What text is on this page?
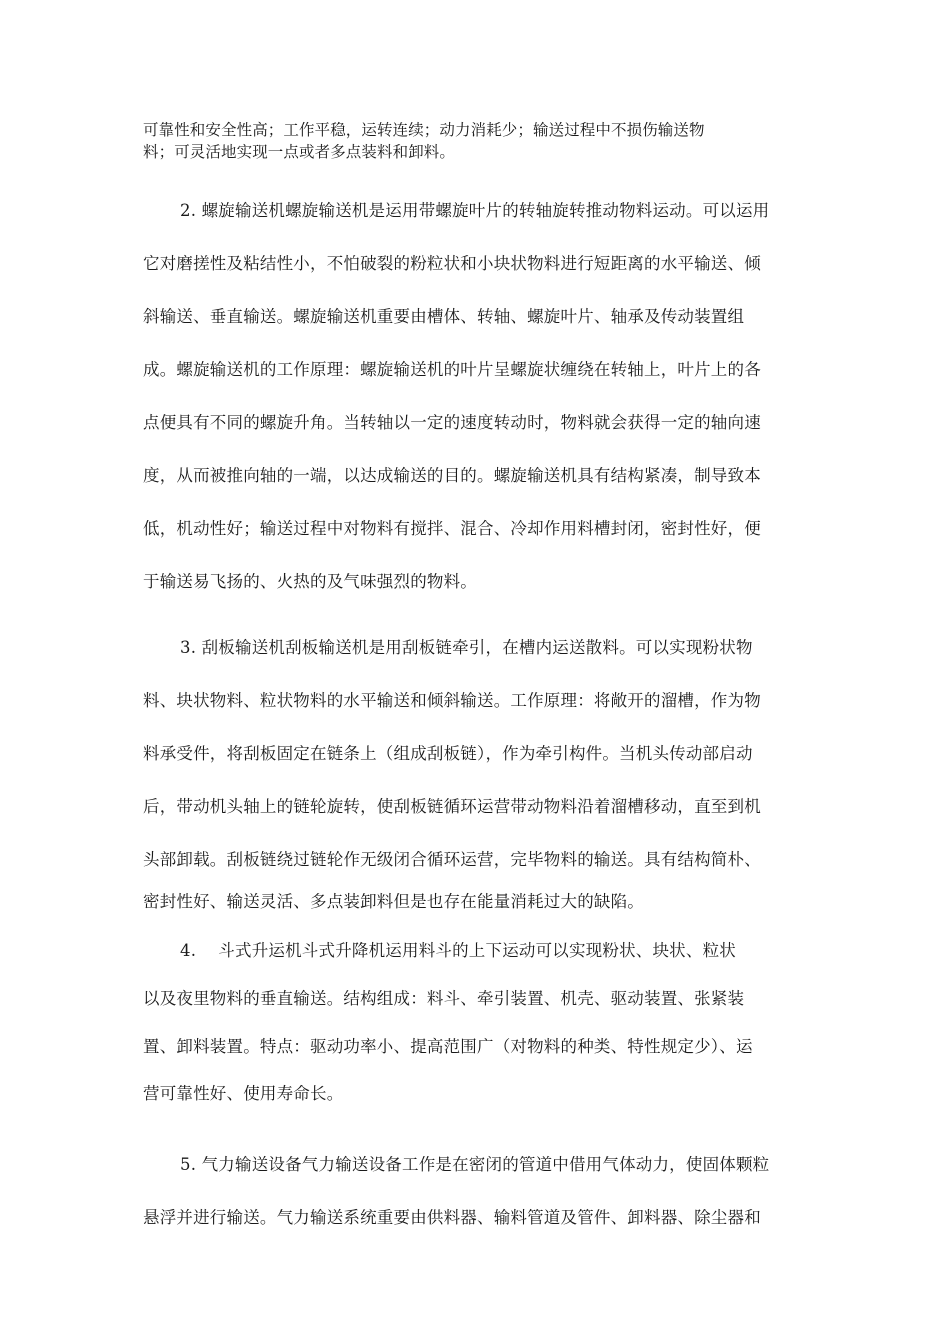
可靠性和安全性高；工作平稳，运转连续；动力消耗少；输送过程中不损伤输送物
料；可灵活地实现一点或者多点装料和卸料。
2. 螺旋输送机螺旋输送机是运用带螺旋叶片的转轴旋转推动物料运动。可以运用
它对磨搓性及粘结性小，不怕破裂的粉粒状和小块状物料进行短距离的水平输送、倾
斜输送、垂直输送。螺旋输送机重要由槽体、转轴、螺旋叶片、轴承及传动装置组
成。螺旋输送机的工作原理：螺旋输送机的叶片呈螺旋状缠绕在转轴上，叶片上的各
点便具有不同的螺旋升角。当转轴以一定的速度转动时，物料就会获得一定的轴向速
度，从而被推向轴的一端，以达成输送的目的。螺旋输送机具有结构紧凑，制导致本
低，机动性好；输送过程中对物料有搅拌、混合、冷却作用料槽封闭，密封性好，便
于输送易飞扬的、火热的及气味强烈的物料。
3. 刮板输送机刮板输送机是用刮板链牵引，在槽内运送散料。可以实现粉状物
料、块状物料、粒状物料的水平输送和倾斜输送。工作原理：将敞开的溜槽，作为物
料承受件，将刮板固定在链条上（组成刮板链），作为牵引构件。当机头传动部启动
后，带动机头轴上的链轮旋转，使刮板链循环运营带动物料沿着溜槽移动，直至到机
头部卸载。刮板链绕过链轮作无级闭合循环运营，完毕物料的输送。具有结构简朴、
密封性好、输送灵活、多点装卸料但是也存在能量消耗过大的缺陷。
4.　 斗式升运机斗式升降机运用料斗的上下运动可以实现粉状、块状、粒状
以及夜里物料的垂直输送。结构组成：料斗、牵引装置、机壳、驱动装置、张紧装
置、卸料装置。特点：驱动功率小、提高范围广（对物料的种类、特性规定少）、运
营可靠性好、使用寿命长。
5. 气力输送设备气力输送设备工作是在密闭的管道中借用气体动力，使固体颗粒
悬浮并进行输送。气力输送系统重要由供料器、输料管道及管件、卸料器、除尘器和
